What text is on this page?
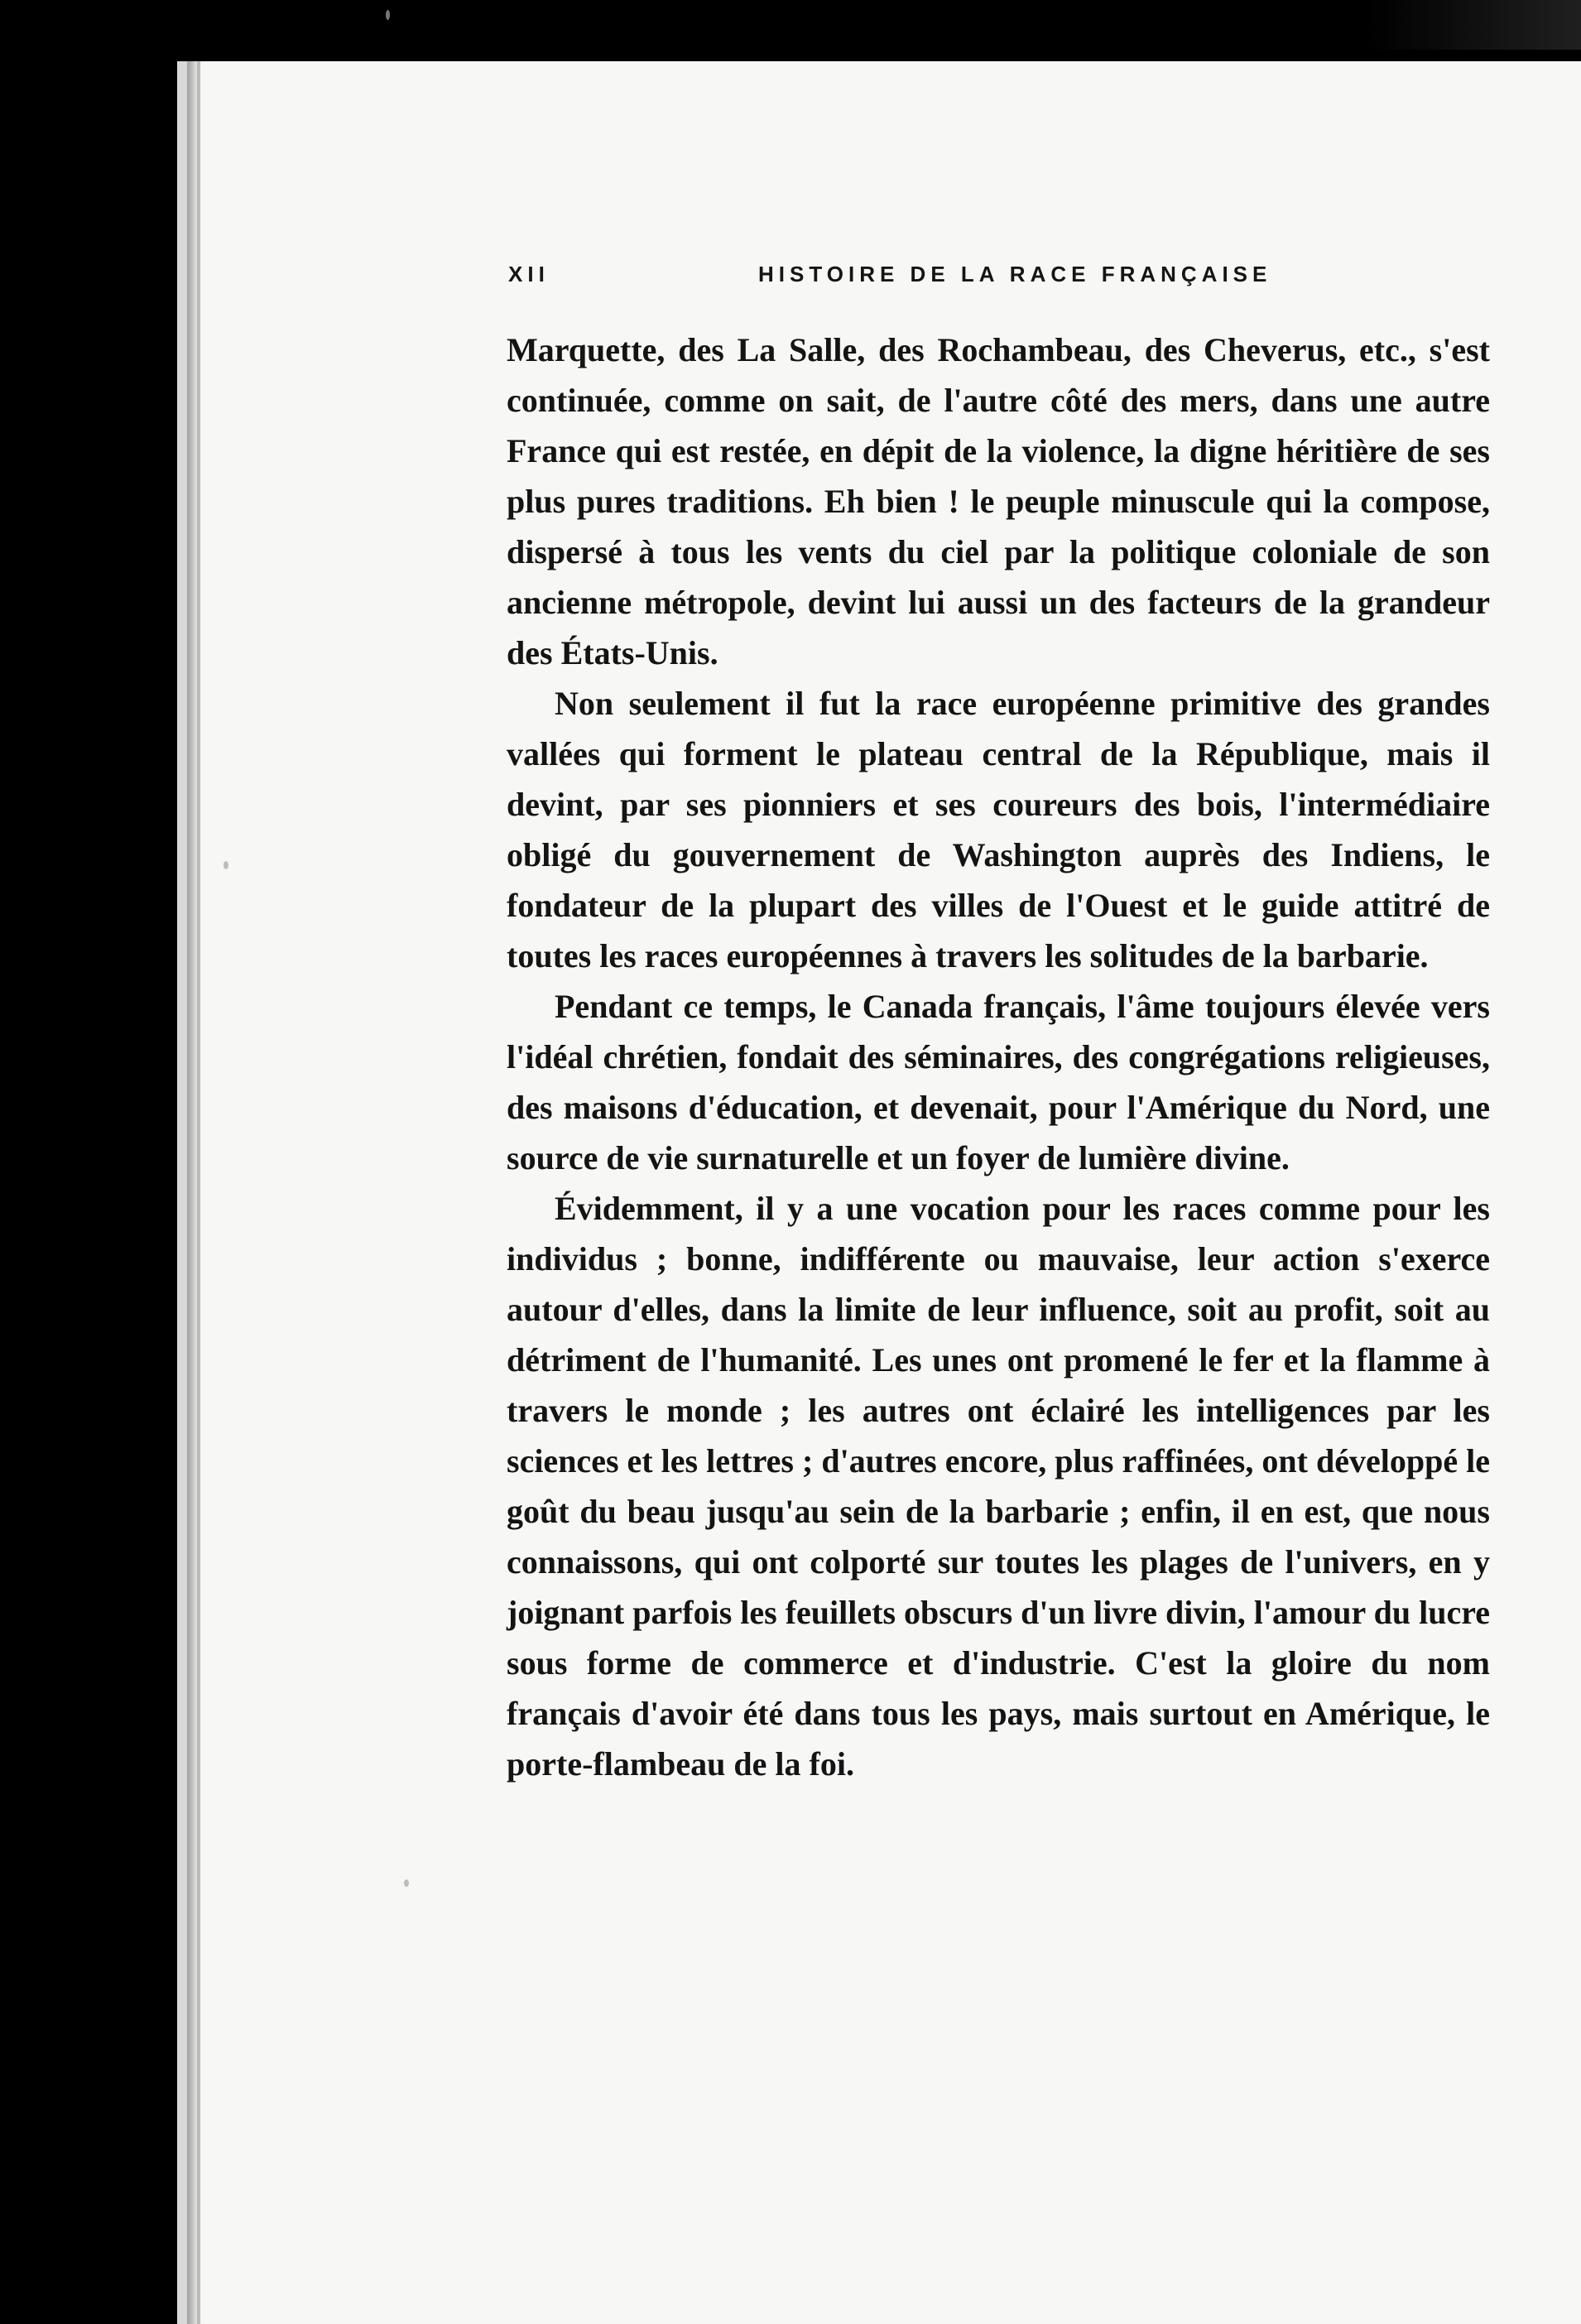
XII	HISTOIRE DE LA RACE FRANÇAISE

Marquette, des La Salle, des Rochambeau, des Cheverus, etc., s'est continuée, comme on sait, de l'autre côté des mers, dans une autre France qui est restée, en dépit de la violence, la digne héritière de ses plus pures traditions. Eh bien ! le peuple minuscule qui la compose, dispersé à tous les vents du ciel par la politique coloniale de son ancienne métropole, devint lui aussi un des facteurs de la grandeur des États-Unis.

Non seulement il fut la race européenne primitive des grandes vallées qui forment le plateau central de la République, mais il devint, par ses pionniers et ses coureurs des bois, l'intermédiaire obligé du gouvernement de Washington auprès des Indiens, le fondateur de la plupart des villes de l'Ouest et le guide attitré de toutes les races européennes à travers les solitudes de la barbarie.

Pendant ce temps, le Canada français, l'âme toujours élevée vers l'idéal chrétien, fondait des séminaires, des congrégations religieuses, des maisons d'éducation, et devenait, pour l'Amérique du Nord, une source de vie surnaturelle et un foyer de lumière divine.

Évidemment, il y a une vocation pour les races comme pour les individus ; bonne, indifférente ou mauvaise, leur action s'exerce autour d'elles, dans la limite de leur influence, soit au profit, soit au détriment de l'humanité. Les unes ont promené le fer et la flamme à travers le monde ; les autres ont éclairé les intelligences par les sciences et les lettres ; d'autres encore, plus raffinées, ont développé le goût du beau jusqu'au sein de la barbarie ; enfin, il en est, que nous connaissons, qui ont colporté sur toutes les plages de l'univers, en y joignant parfois les feuillets obscurs d'un livre divin, l'amour du lucre sous forme de commerce et d'industrie. C'est la gloire du nom français d'avoir été dans tous les pays, mais surtout en Amérique, le porte-flambeau de la foi.
